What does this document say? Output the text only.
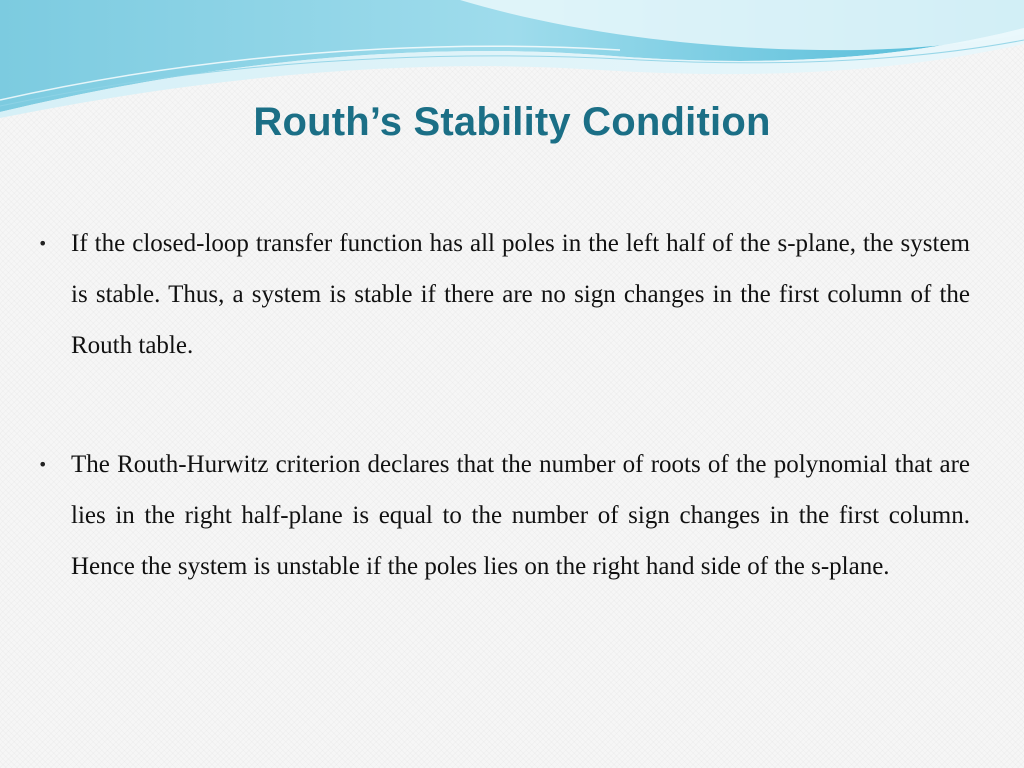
Routh’s Stability Condition

• If the closed-loop transfer function has all poles in the left half of the s-plane, the system is stable. Thus, a system is stable if there are no sign changes in the first column of the Routh table.

• The Routh-Hurwitz criterion declares that the number of roots of the polynomial that are lies in the right half-plane is equal to the number of sign changes in the first column. Hence the system is unstable if the poles lies on the right hand side of the s-plane.
